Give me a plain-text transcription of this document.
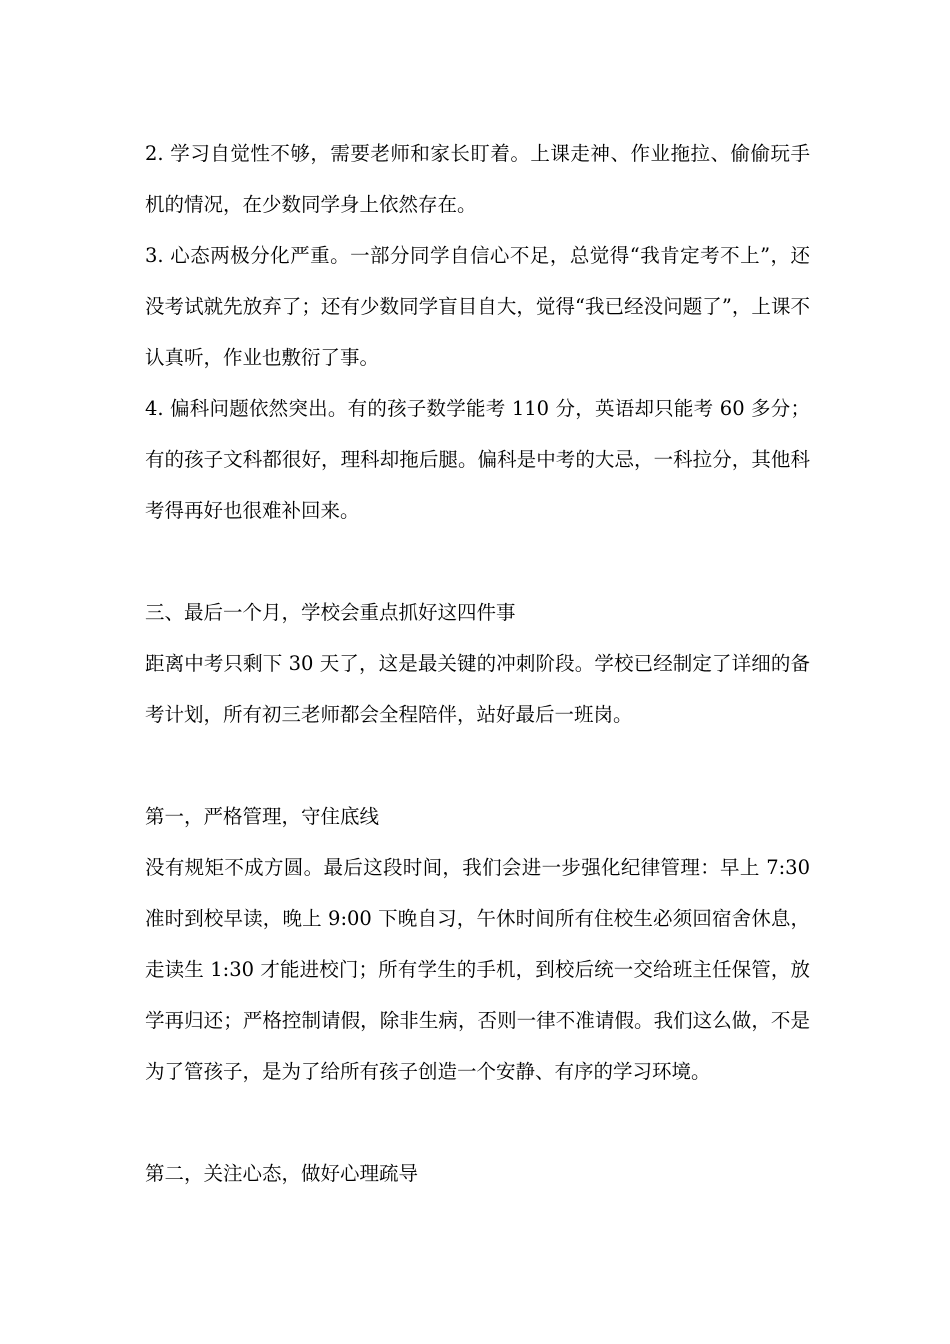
2. 学习自觉性不够，需要老师和家长盯着。上课走神、作业拖拉、偷偷玩手机的情况，在少数同学身上依然存在。

3. 心态两极分化严重。一部分同学自信心不足，总觉得“我肯定考不上”，还没考试就先放弃了；还有少数同学盲目自大，觉得“我已经没问题了”，上课不认真听，作业也敷衍了事。

4. 偏科问题依然突出。有的孩子数学能考 110 分，英语却只能考 60 多分；有的孩子文科都很好，理科却拖后腿。偏科是中考的大忌，一科拉分，其他科考得再好也很难补回来。

三、最后一个月，学校会重点抓好这四件事

距离中考只剩下 30 天了，这是最关键的冲刺阶段。学校已经制定了详细的备考计划，所有初三老师都会全程陪伴，站好最后一班岗。

第一，严格管理，守住底线

没有规矩不成方圆。最后这段时间，我们会进一步强化纪律管理：早上 7:30 准时到校早读，晚上 9:00 下晚自习，午休时间所有住校生必须回宿舍休息，走读生 1:30 才能进校门；所有学生的手机，到校后统一交给班主任保管，放学再归还；严格控制请假，除非生病，否则一律不准请假。我们这么做，不是为了管孩子，是为了给所有孩子创造一个安静、有序的学习环境。

第二，关注心态，做好心理疏导
